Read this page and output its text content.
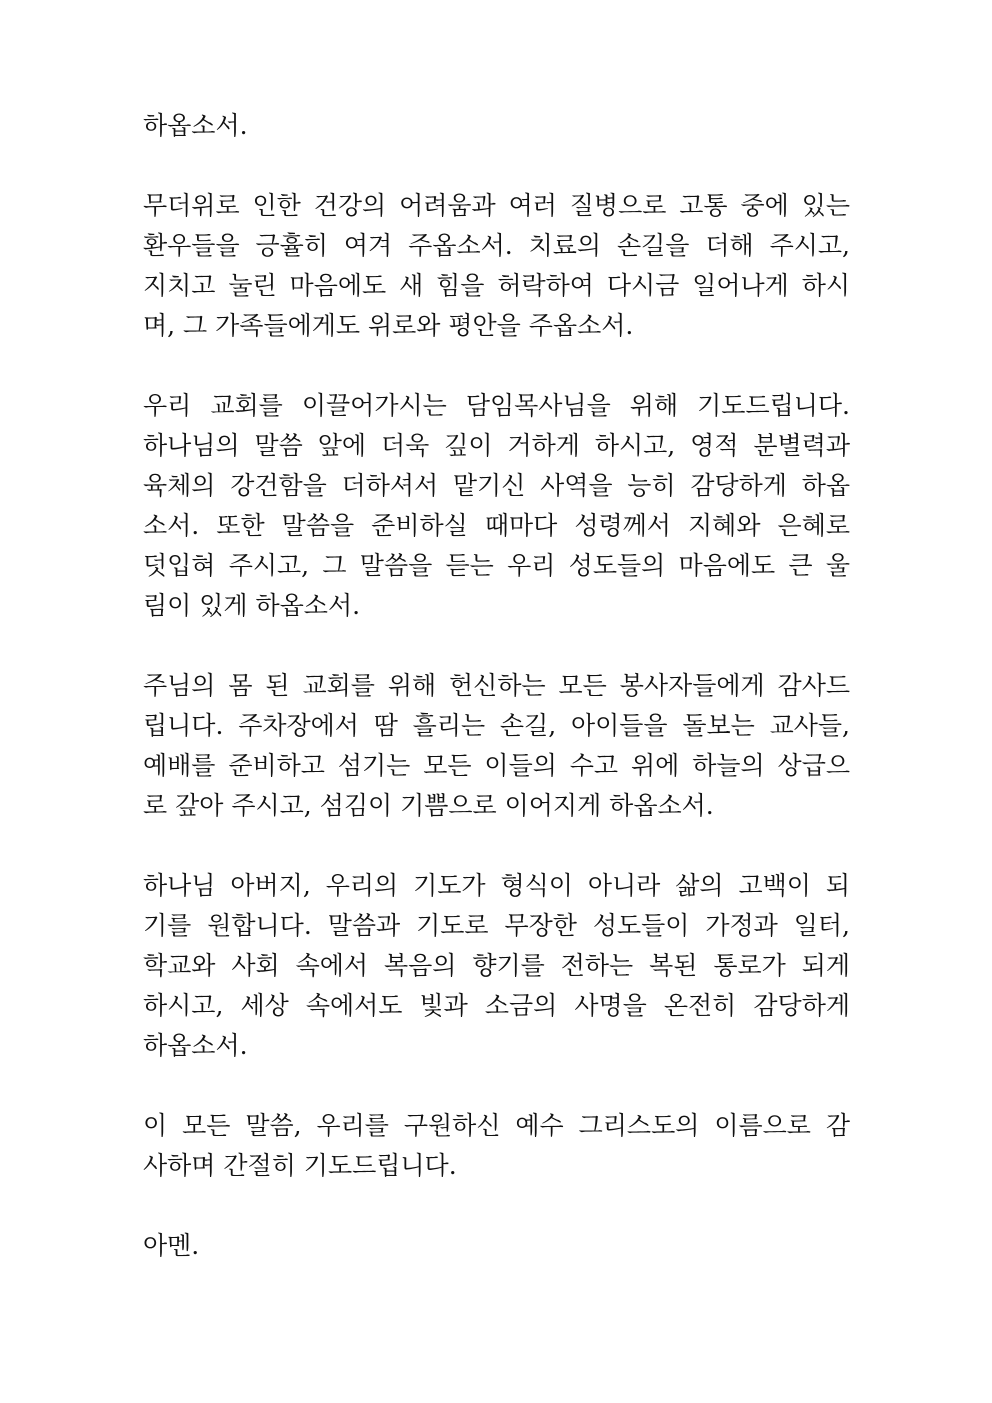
하옵소서.
무더위로 인한 건강의 어려움과 여러 질병으로 고통 중에 있는
환우들을 긍휼히 여겨 주옵소서. 치료의 손길을 더해 주시고,
지치고 눌린 마음에도 새 힘을 허락하여 다시금 일어나게 하시
며, 그 가족들에게도 위로와 평안을 주옵소서.
우리 교회를 이끌어가시는 담임목사님을 위해 기도드립니다.
하나님의 말씀 앞에 더욱 깊이 거하게 하시고, 영적 분별력과
육체의 강건함을 더하셔서 맡기신 사역을 능히 감당하게 하옵
소서. 또한 말씀을 준비하실 때마다 성령께서 지혜와 은혜로
덧입혀 주시고, 그 말씀을 듣는 우리 성도들의 마음에도 큰 울
림이 있게 하옵소서.
주님의 몸 된 교회를 위해 헌신하는 모든 봉사자들에게 감사드
립니다. 주차장에서 땀 흘리는 손길, 아이들을 돌보는 교사들,
예배를 준비하고 섬기는 모든 이들의 수고 위에 하늘의 상급으
로 갚아 주시고, 섬김이 기쁨으로 이어지게 하옵소서.
하나님 아버지, 우리의 기도가 형식이 아니라 삶의 고백이 되
기를 원합니다. 말씀과 기도로 무장한 성도들이 가정과 일터,
학교와 사회 속에서 복음의 향기를 전하는 복된 통로가 되게
하시고, 세상 속에서도 빛과 소금의 사명을 온전히 감당하게
하옵소서.
이 모든 말씀, 우리를 구원하신 예수 그리스도의 이름으로 감
사하며 간절히 기도드립니다.
아멘.
